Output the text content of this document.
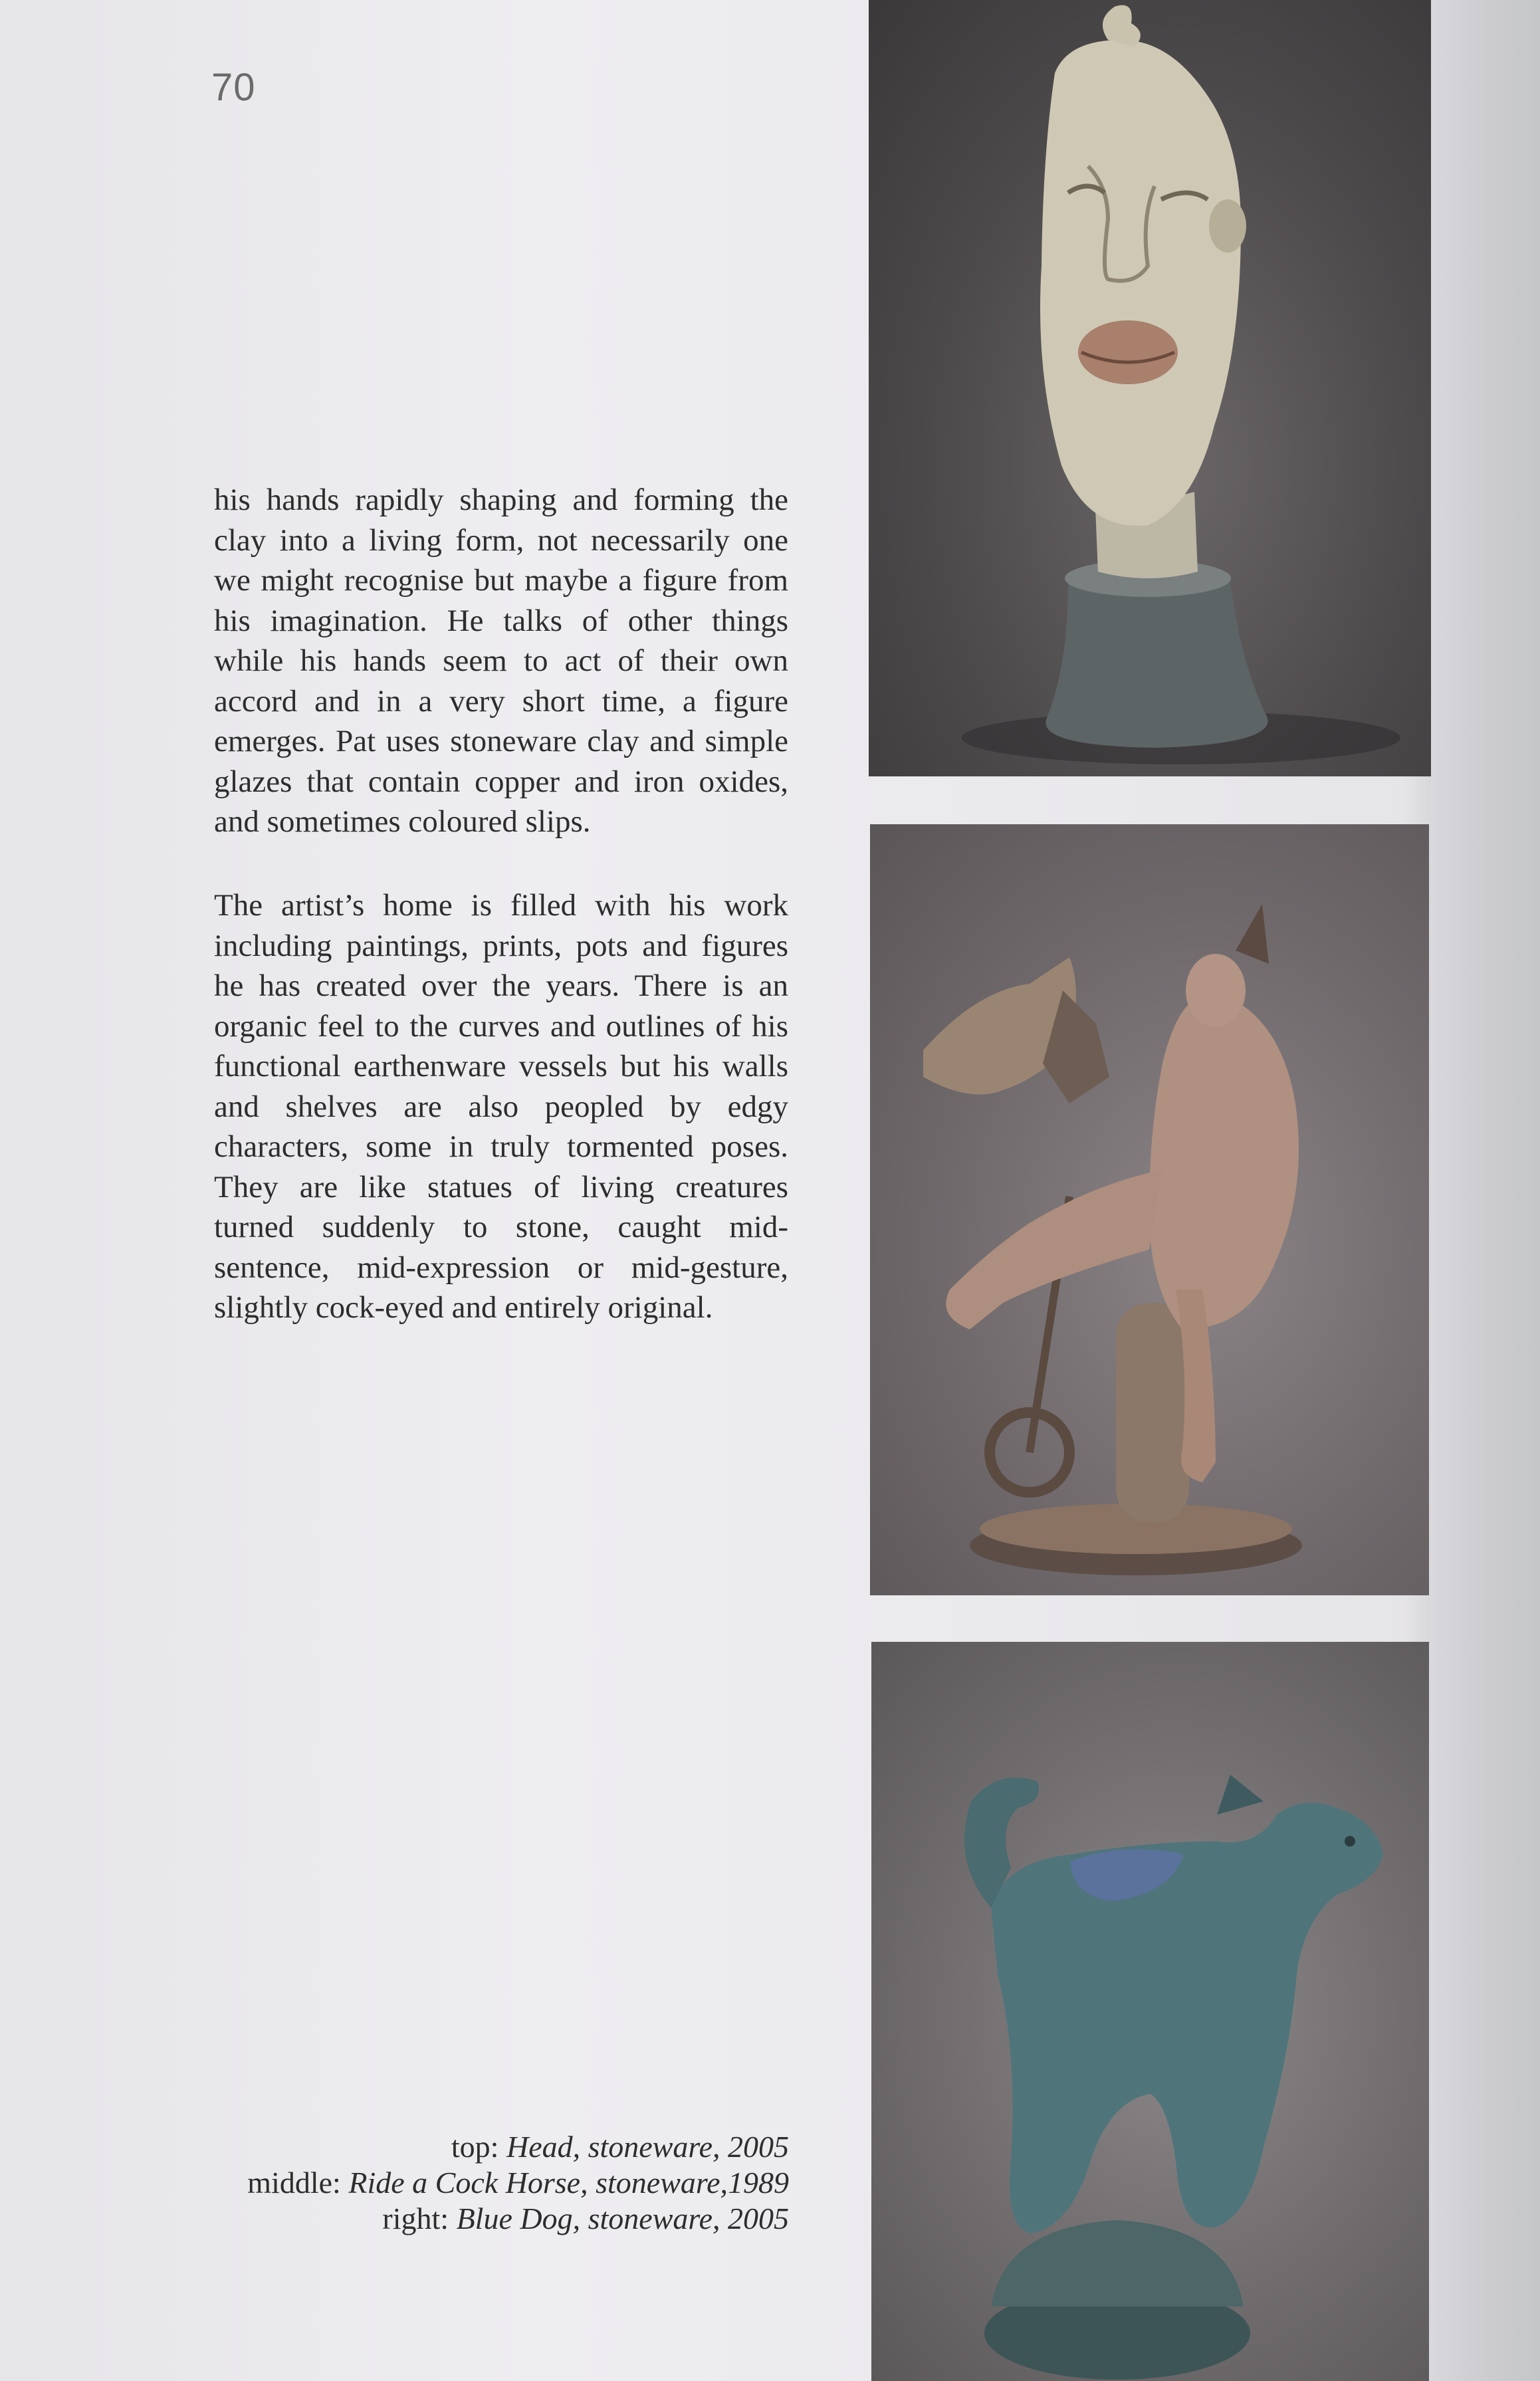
70

his hands rapidly shaping and forming the clay into a living form, not necessarily one we might recognise but maybe a figure from his imagination. He talks of other things while his hands seem to act of their own accord and in a very short time, a figure emerges. Pat uses stoneware clay and simple glazes that contain copper and iron oxides, and sometimes coloured slips.

The artist’s home is filled with his work including paintings, prints, pots and figures he has created over the years. There is an organic feel to the curves and outlines of his functional earthenware vessels but his walls and shelves are also peopled by edgy characters, some in truly tormented poses. They are like statues of living creatures turned suddenly to stone, caught mid-sentence, mid-expression or mid-gesture, slightly cock-eyed and entirely original.

top: Head, stoneware, 2005
middle: Ride a Cock Horse, stoneware,1989
right: Blue Dog, stoneware, 2005
